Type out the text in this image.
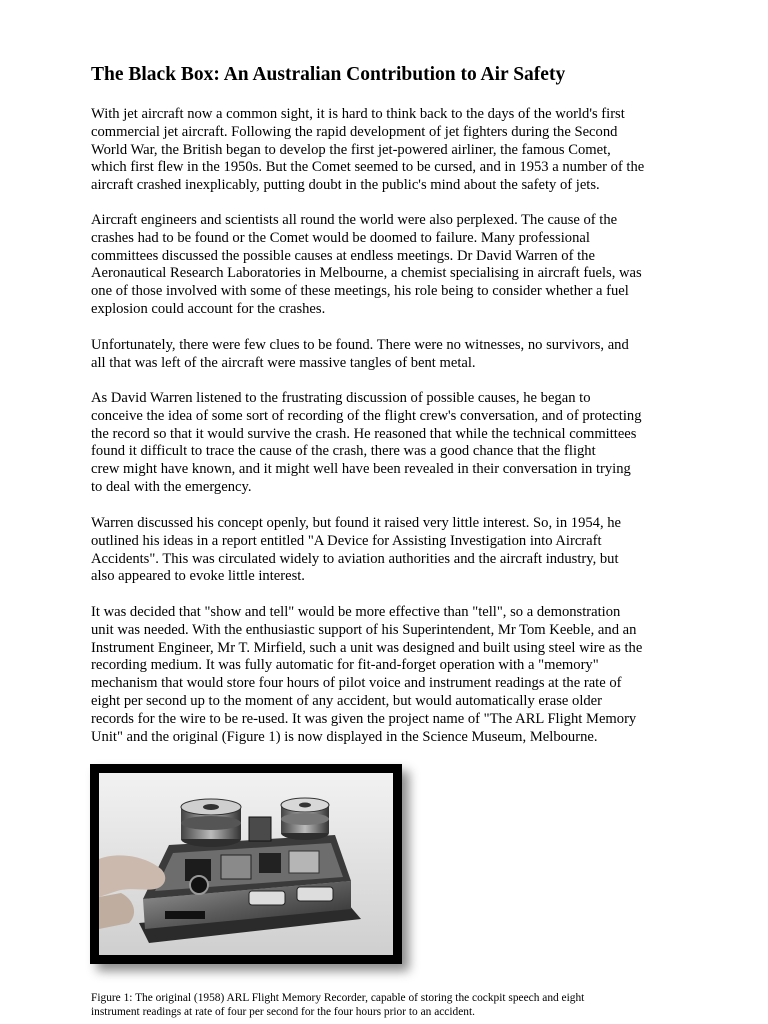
The Black Box: An Australian Contribution to Air Safety

With jet aircraft now a common sight, it is hard to think back to the days of the world's first
commercial jet aircraft. Following the rapid development of jet fighters during the Second
World War, the British began to develop the first jet-powered airliner, the famous Comet,
which first flew in the 1950s. But the Comet seemed to be cursed, and in 1953 a number of the
aircraft crashed inexplicably, putting doubt in the public's mind about the safety of jets.

Aircraft engineers and scientists all round the world were also perplexed. The cause of the
crashes had to be found or the Comet would be doomed to failure. Many professional
committees discussed the possible causes at endless meetings. Dr David Warren of the
Aeronautical Research Laboratories in Melbourne, a chemist specialising in aircraft fuels, was
one of those involved with some of these meetings, his role being to consider whether a fuel
explosion could account for the crashes.

Unfortunately, there were few clues to be found. There were no witnesses, no survivors, and
all that was left of the aircraft were massive tangles of bent metal.

As David Warren listened to the frustrating discussion of possible causes, he began to
conceive the idea of some sort of recording of the flight crew's conversation, and of protecting
the record so that it would survive the crash. He reasoned that while the technical committees
found it difficult to trace the cause of the crash, there was a good chance that the flight
crew might have known, and it might well have been revealed in their conversation in trying
to deal with the emergency.

Warren discussed his concept openly, but found it raised very little interest. So, in 1954, he
outlined his ideas in a report entitled "A Device for Assisting Investigation into Aircraft
Accidents". This was circulated widely to aviation authorities and the aircraft industry, but
also appeared to evoke little interest.

It was decided that "show and tell" would be more effective than "tell", so a demonstration
unit was needed. With the enthusiastic support of his Superintendent, Mr Tom Keeble, and an
Instrument Engineer, Mr T. Mirfield, such a unit was designed and built using steel wire as the
recording medium. It was fully automatic for fit-and-forget operation with a "memory"
mechanism that would store four hours of pilot voice and instrument readings at the rate of
eight per second up to the moment of any accident, but would automatically erase older
records for the wire to be re-used. It was given the project name of "The ARL Flight Memory
Unit" and the original (Figure 1) is now displayed in the Science Museum, Melbourne.

Figure 1: The original (1958) ARL Flight Memory Recorder, capable of storing the cockpit speech and eight
instrument readings at rate of four per second for the four hours prior to an accident.
